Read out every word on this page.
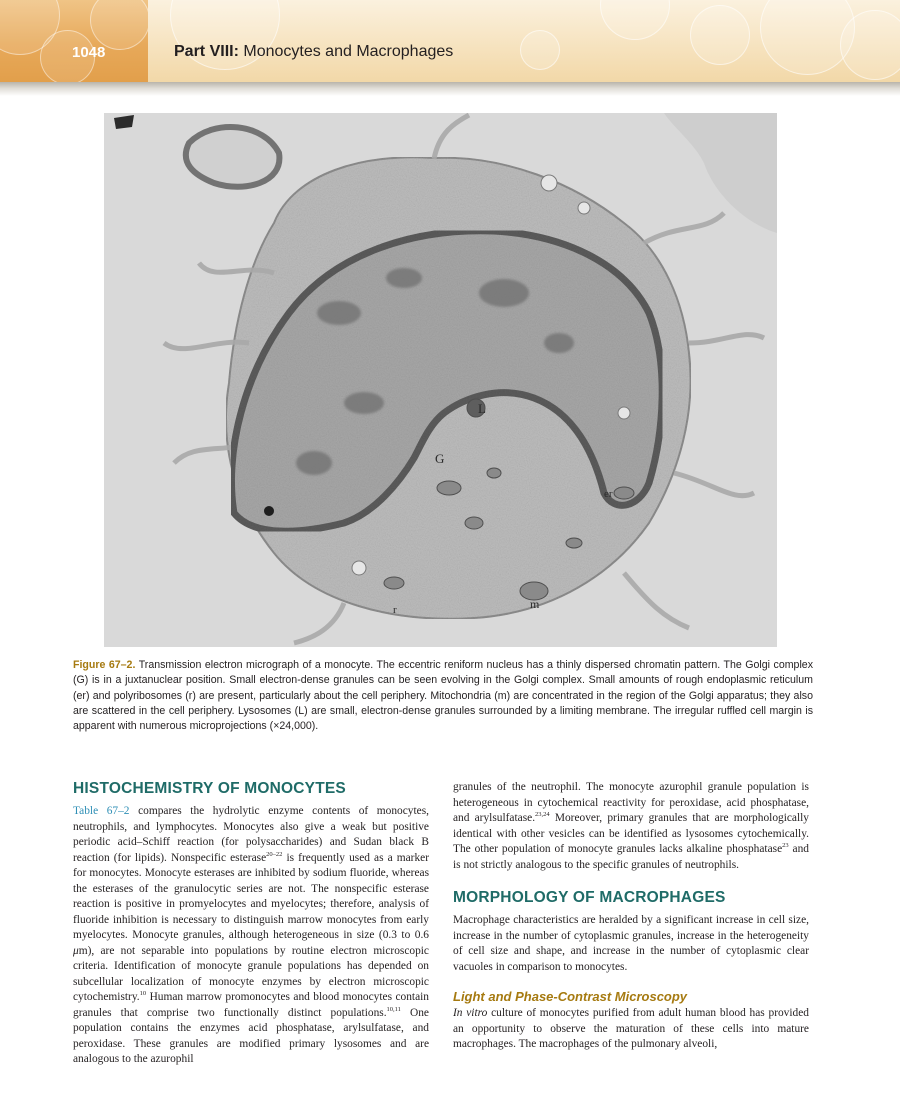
1048	Part VIII: Monocytes and Macrophages
L
G
er
r	m
Figure 67–2. Transmission electron micrograph of a monocyte. The eccentric reniform nucleus has a thinly dispersed chromatin pattern. The Golgi complex (G) is in a juxtanuclear position. Small electron-dense granules can be seen evolving in the Golgi complex. Small amounts of rough endoplasmic reticulum (er) and polyribosomes (r) are present, particularly about the cell periphery. Mitochondria (m) are concentrated in the region of the Golgi apparatus; they also are scattered in the cell periphery. Lysosomes (L) are small, electron-dense granules surrounded by a limiting membrane. The irregular ruffled cell margin is apparent with numerous microprojections (×24,000).
HISTOCHEMISTRY OF MONOCYTES

Table 67–2 compares the hydrolytic enzyme contents of monocytes, neutrophils, and lymphocytes. Monocytes also give a weak but positive periodic acid–Schiff reaction (for polysaccharides) and Sudan black B reaction (for lipids). Nonspecific esterase$^{20-22}$ is frequently used as a marker for monocytes. Monocyte esterases are inhibited by sodium fluoride, whereas the esterases of the granulocytic series are not. The nonspecific esterase reaction is positive in promyelocytes and myelocytes; therefore, analysis of fluoride inhibition is necessary to distinguish marrow monocytes from early myelocytes. Monocyte granules, although heterogeneous in size (0.3 to 0.6 μm), are not separable into populations by routine electron microscopic criteria. Identification of monocyte granule populations has depended on subcellular localization of monocyte enzymes by electron microscopic cytochemistry.$^{10}$ Human marrow promonocytes and blood monocytes contain granules that comprise two functionally distinct populations.$^{10,11}$ One population contains the enzymes acid phosphatase, arylsulfatase, and peroxidase. These granules are modified primary lysosomes and are analogous to the azurophil

granules of the neutrophil. The monocyte azurophil granule population is heterogeneous in cytochemical reactivity for peroxidase, acid phosphatase, and arylsulfatase.$^{23,24}$ Moreover, primary granules that are morphologically identical with other vesicles can be identified as lysosomes cytochemically. The other population of monocyte granules lacks alkaline phosphatase$^{23}$ and is not strictly analogous to the specific granules of neutrophils.

MORPHOLOGY OF MACROPHAGES

Macrophage characteristics are heralded by a significant increase in cell size, increase in the number of cytoplasmic granules, increase in the heterogeneity of cell size and shape, and increase in the number of cytoplasmic clear vacuoles in comparison to monocytes.

Light and Phase-Contrast Microscopy

In vitro culture of monocytes purified from adult human blood has provided an opportunity to observe the maturation of these cells into mature macrophages. The macrophages of the pulmonary alveoli,
